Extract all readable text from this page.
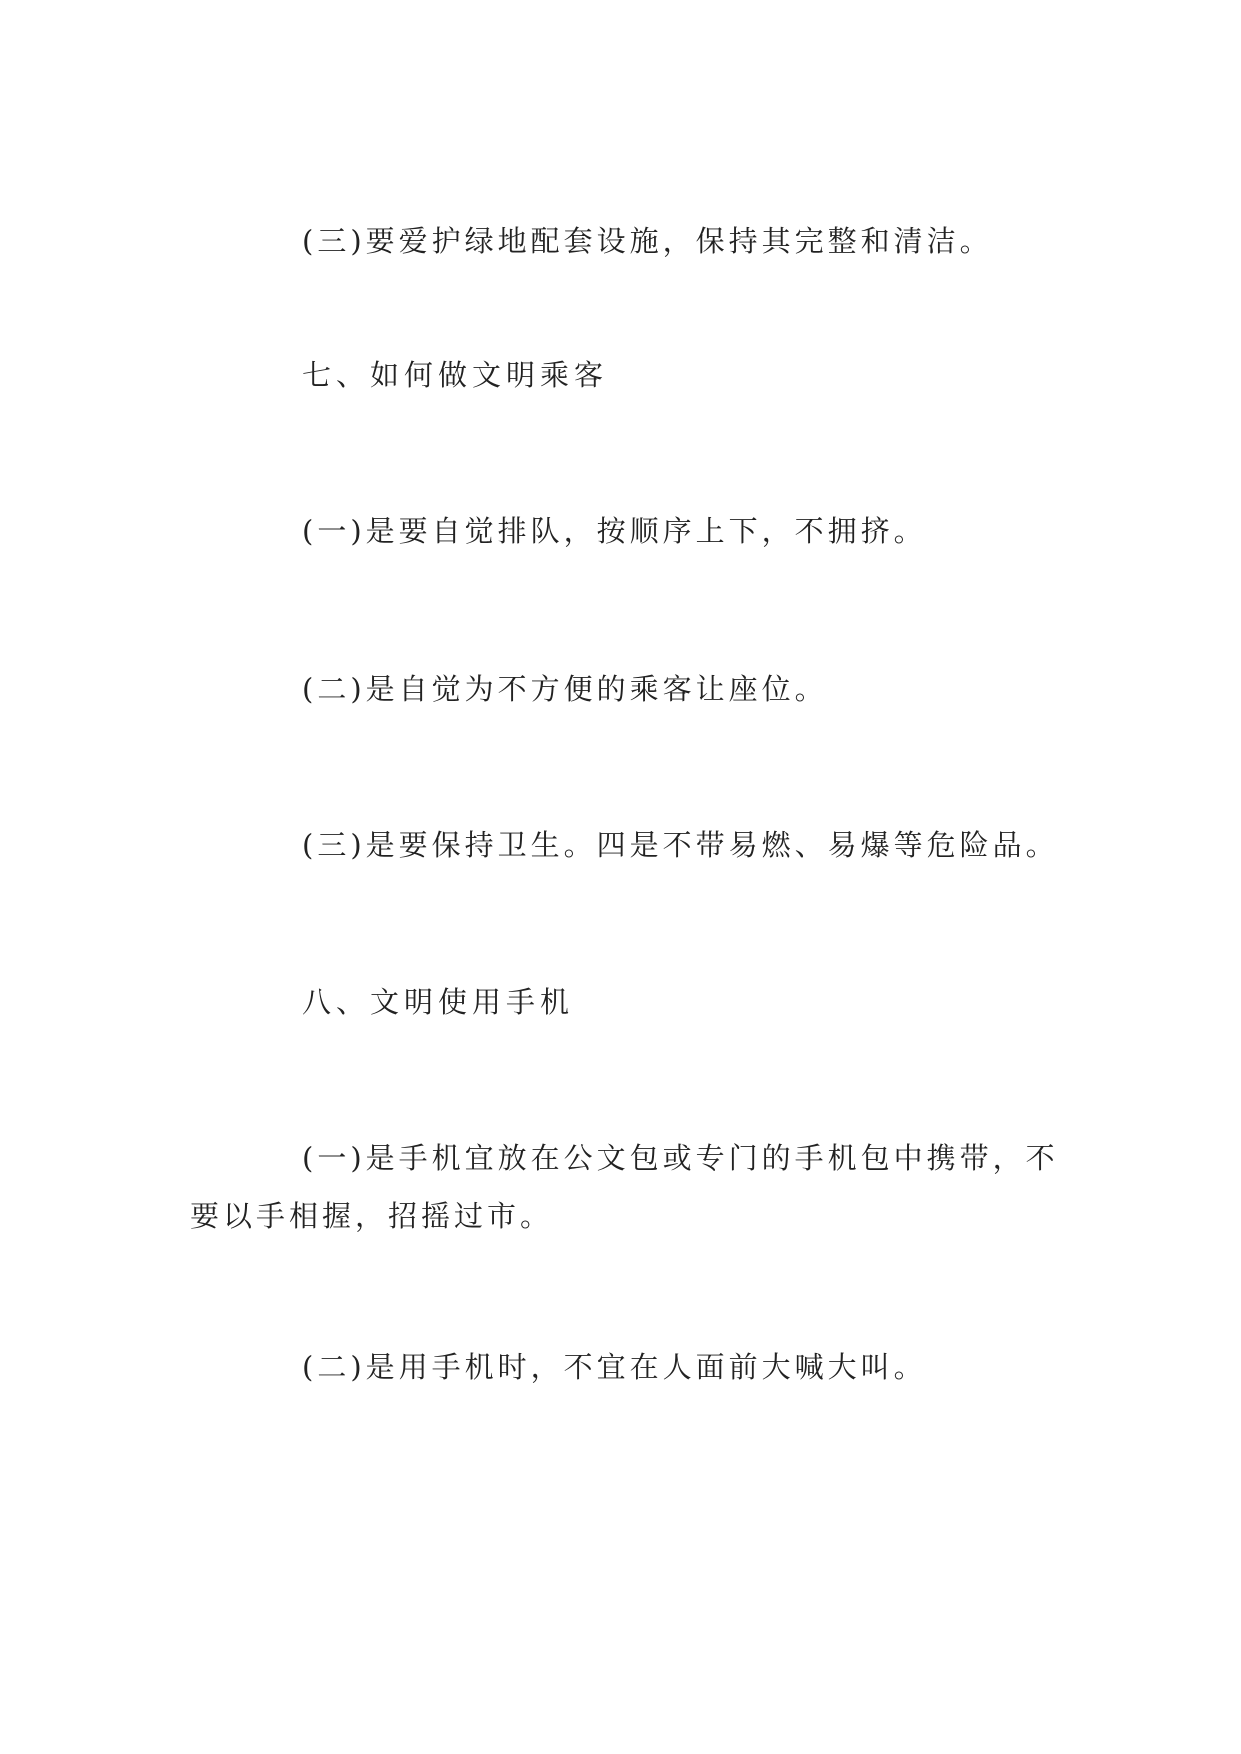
(三)要爱护绿地配套设施，保持其完整和清洁。

七、如何做文明乘客

(一)是要自觉排队，按顺序上下，不拥挤。

(二)是自觉为不方便的乘客让座位。

(三)是要保持卫生。四是不带易燃、易爆等危险品。

八、文明使用手机

(一)是手机宜放在公文包或专门的手机包中携带，不要以手相握，招摇过市。

(二)是用手机时，不宜在人面前大喊大叫。
